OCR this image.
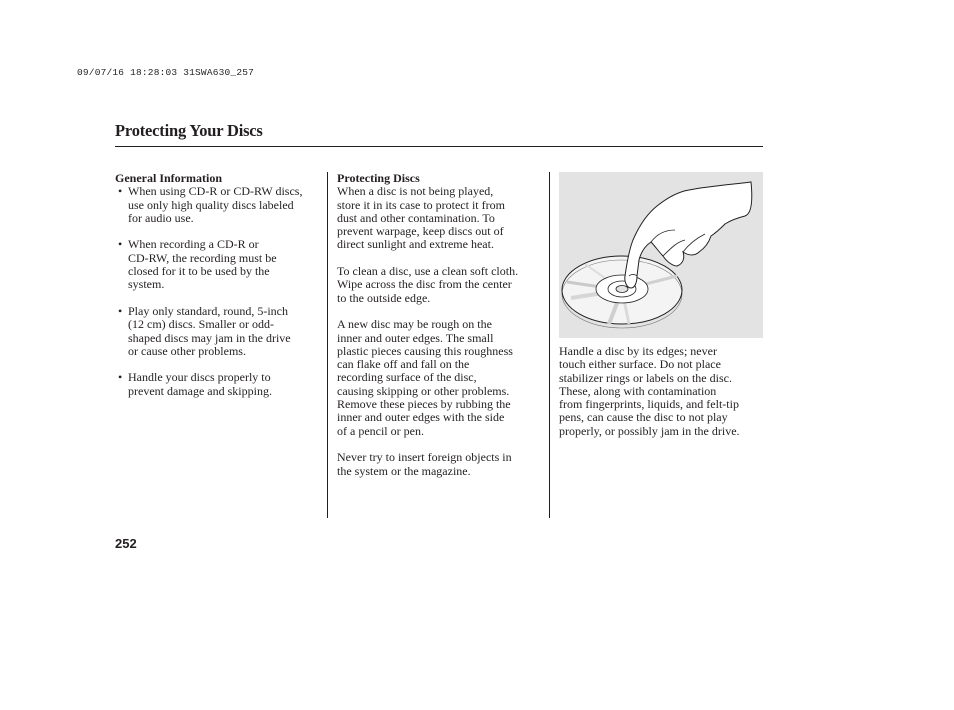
09/07/16 18:28:03 31SWA630_257
Protecting Your Discs
General Information
• When using CD-R or CD-RW discs,
use only high quality discs labeled
for audio use.
• When recording a CD-R or
CD-RW, the recording must be
closed for it to be used by the
system.
• Play only standard, round, 5-inch
(12 cm) discs. Smaller or odd-
shaped discs may jam in the drive
or cause other problems.
• Handle your discs properly to
prevent damage and skipping.
Protecting Discs
When a disc is not being played,
store it in its case to protect it from
dust and other contamination. To
prevent warpage, keep discs out of
direct sunlight and extreme heat.
To clean a disc, use a clean soft cloth.
Wipe across the disc from the center
to the outside edge.
A new disc may be rough on the
inner and outer edges. The small
plastic pieces causing this roughness
can flake off and fall on the
recording surface of the disc,
causing skipping or other problems.
Remove these pieces by rubbing the
inner and outer edges with the side
of a pencil or pen.
Never try to insert foreign objects in
the system or the magazine.
Handle a disc by its edges; never
touch either surface. Do not place
stabilizer rings or labels on the disc.
These, along with contamination
from fingerprints, liquids, and felt-tip
pens, can cause the disc to not play
properly, or possibly jam in the drive.
252
